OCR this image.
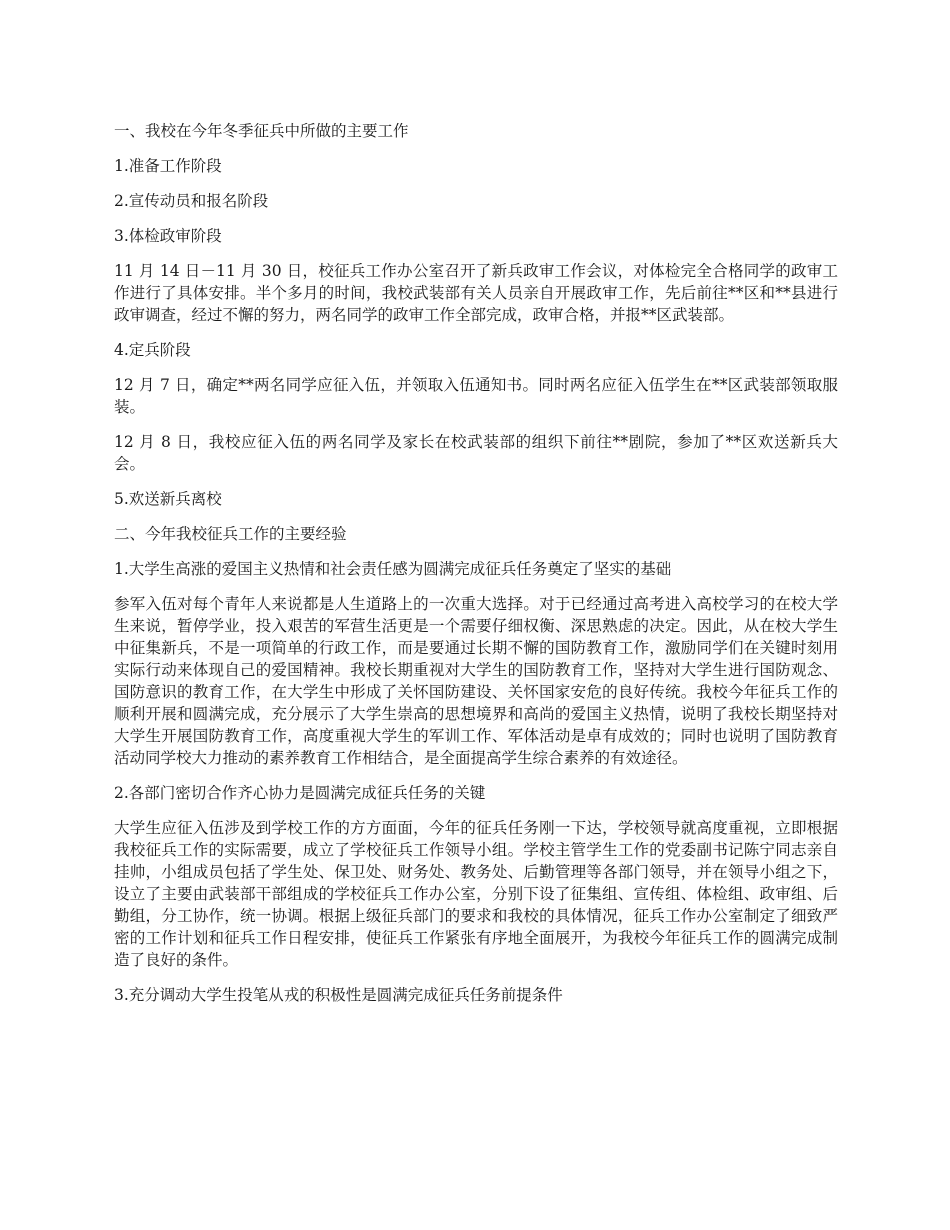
一、我校在今年冬季征兵中所做的主要工作

1.准备工作阶段

2.宣传动员和报名阶段

3.体检政审阶段

11 月 14 日－11 月 30 日，校征兵工作办公室召开了新兵政审工作会议，对体检完全合格同学的政审工作进行了具体安排。半个多月的时间，我校武装部有关人员亲自开展政审工作，先后前往**区和**县进行政审调查，经过不懈的努力，两名同学的政审工作全部完成，政审合格，并报**区武装部。

4.定兵阶段

12 月 7 日，确定**两名同学应征入伍，并领取入伍通知书。同时两名应征入伍学生在**区武装部领取服装。

12 月 8 日，我校应征入伍的两名同学及家长在校武装部的组织下前往**剧院，参加了**区欢送新兵大会。

5.欢送新兵离校

二、今年我校征兵工作的主要经验

1.大学生高涨的爱国主义热情和社会责任感为圆满完成征兵任务奠定了坚实的基础

参军入伍对每个青年人来说都是人生道路上的一次重大选择。对于已经通过高考进入高校学习的在校大学生来说，暂停学业，投入艰苦的军营生活更是一个需要仔细权衡、深思熟虑的决定。因此，从在校大学生中征集新兵，不是一项简单的行政工作，而是要通过长期不懈的国防教育工作，激励同学们在关键时刻用实际行动来体现自己的爱国精神。我校长期重视对大学生的国防教育工作，坚持对大学生进行国防观念、国防意识的教育工作，在大学生中形成了关怀国防建设、关怀国家安危的良好传统。我校今年征兵工作的顺利开展和圆满完成，充分展示了大学生崇高的思想境界和高尚的爱国主义热情，说明了我校长期坚持对大学生开展国防教育工作，高度重视大学生的军训工作、军体活动是卓有成效的；同时也说明了国防教育活动同学校大力推动的素养教育工作相结合，是全面提高学生综合素养的有效途径。

2.各部门密切合作齐心协力是圆满完成征兵任务的关键

大学生应征入伍涉及到学校工作的方方面面，今年的征兵任务刚一下达，学校领导就高度重视，立即根据我校征兵工作的实际需要，成立了学校征兵工作领导小组。学校主管学生工作的党委副书记陈宁同志亲自挂帅，小组成员包括了学生处、保卫处、财务处、教务处、后勤管理等各部门领导，并在领导小组之下，设立了主要由武装部干部组成的学校征兵工作办公室，分别下设了征集组、宣传组、体检组、政审组、后勤组，分工协作，统一协调。根据上级征兵部门的要求和我校的具体情况，征兵工作办公室制定了细致严密的工作计划和征兵工作日程安排，使征兵工作紧张有序地全面展开，为我校今年征兵工作的圆满完成制造了良好的条件。

3.充分调动大学生投笔从戎的积极性是圆满完成征兵任务前提条件
